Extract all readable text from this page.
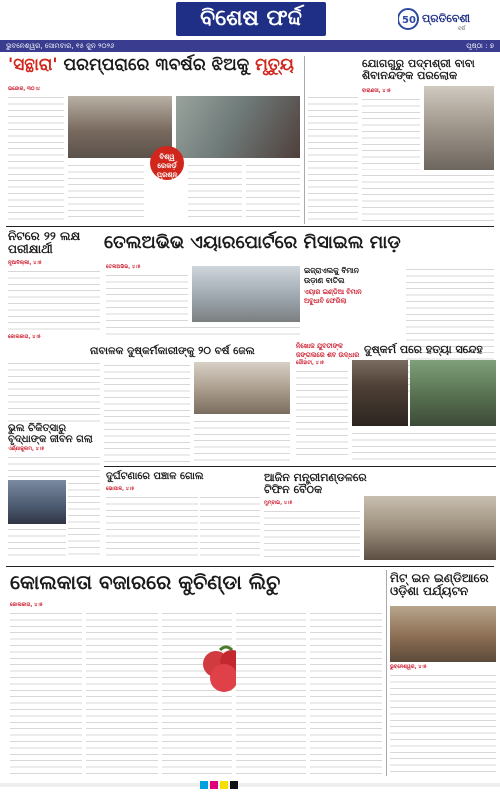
ବିଶେଷ ଫର୍ଦ୍ଦ	50 ପ୍ରତିବେଶୀ
ବର୍ଷ
ଭୁବନେଶ୍ୱର, ସୋମବାର, ୧୫ ଜୁନ ୨୦୨୬	ପୃଷ୍ଠା : ୭
'ସନ୍ଥାରା' ପରମ୍ପରାରେ ୩ବର୍ଷର ଝିଅକୁ ମୃତ୍ୟୁ
ଇନ୍ଦୋର, ୩୦।୪
ବିଶ୍ୱ ରେକର୍ଡ଼ ପ୍ରଶ୍ନ
ଯୋଗଗୁରୁ ପଦ୍ମଶ୍ରୀ ବାବା ଶିବାନନ୍ଦଙ୍କ ପରଲୋକ
ବାରାଣସୀ, ୪।୫
ନିଟରେ ୨୨ ଲକ୍ଷ
ପରୀକ୍ଷାର୍ଥୀ	ତେଲଅଭିଭ ଏୟାରପୋର୍ଟରେ ମିସାଇଲ ମାଡ଼
ନୂଆଦିଲ୍ଲୀ, ୪।୫
ତେଲଅଭିଭ, ୪।୫	ଇଜ୍ରାଏଲକୁ ବିମାନ
ଉଡ଼ାଣ ବାତିଲ
ଏୟାର ଇଣ୍ଡିଆ ବିମାନ
ଅବୁଧାବି ଫେରିଲା
ନାବାଳକ ଦୁଷ୍କର୍ମକାରୀଙ୍କୁ ୨୦ ବର୍ଷ ଜେଲ
କୋଲକାତା, ୪।୫
ନିଖୋଜ ଯୁବତୀଙ୍କ
ଜଙ୍ଗଲରେ ଶବ ଉଦ୍ଧାର ଦୁଷ୍କର୍ମ ପରେ ହତ୍ୟା ସନ୍ଦେହ
ଗୌହାଟୀ, ୪।୫
ଭୁଲ ଚିକିତ୍ସାରୁ
ବୃଦ୍ଧାଙ୍କ ଜୀବନ ଗଲା
ଏର୍ଣ୍ଣାକୁଲମ, ୪।୫
ଦୁର୍ଘଟଣାରେ ପଞ୍ଚାଳ ଗୋଲ
ଭୋପାଳ, ୪।୫
ଆଜିନ ମନ୍ତ୍ରୀମଣ୍ଡଳରେ
ଟିଫିନ ବୈଠକ
ମୁମ୍ବାଇ, ୪।୫
କୋଲକାତା ବଜାରରେ କୁଚିଣ୍ଡା ଲିଚୁ
କୋଲକାତା, ୪।୫
ମିଟ୍ ଇନ ଇଣ୍ଡିଆରେ
ଓଡ଼ିଶା ପର୍ଯ୍ୟଟନ
ଭୁବନେଶ୍ୱର, ୪।୫
